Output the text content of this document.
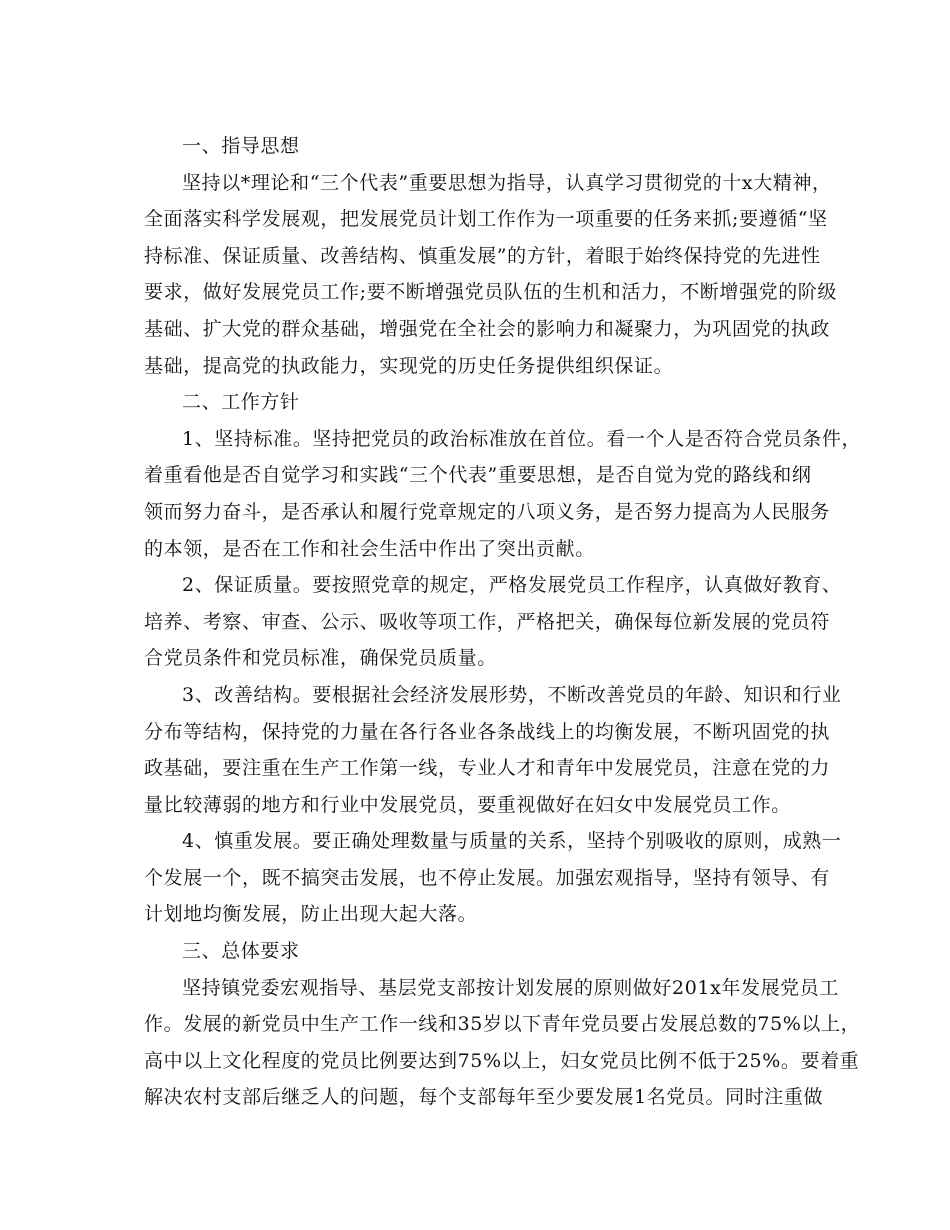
一、指导思想
坚持以*理论和“三个代表”重要思想为指导，认真学习贯彻党的十x大精神，
全面落实科学发展观，把发展党员计划工作作为一项重要的任务来抓;要遵循“坚
持标准、保证质量、改善结构、慎重发展”的方针，着眼于始终保持党的先进性
要求，做好发展党员工作;要不断增强党员队伍的生机和活力，不断增强党的阶级
基础、扩大党的群众基础，增强党在全社会的影响力和凝聚力，为巩固党的执政
基础，提高党的执政能力，实现党的历史任务提供组织保证。
二、工作方针
1、坚持标准。坚持把党员的政治标准放在首位。看一个人是否符合党员条件，
着重看他是否自觉学习和实践“三个代表”重要思想，是否自觉为党的路线和纲
领而努力奋斗，是否承认和履行党章规定的八项义务，是否努力提高为人民服务
的本领，是否在工作和社会生活中作出了突出贡献。
2、保证质量。要按照党章的规定，严格发展党员工作程序，认真做好教育、
培养、考察、审查、公示、吸收等项工作，严格把关，确保每位新发展的党员符
合党员条件和党员标准，确保党员质量。
3、改善结构。要根据社会经济发展形势，不断改善党员的年龄、知识和行业
分布等结构，保持党的力量在各行各业各条战线上的均衡发展，不断巩固党的执
政基础，要注重在生产工作第一线，专业人才和青年中发展党员，注意在党的力
量比较薄弱的地方和行业中发展党员，要重视做好在妇女中发展党员工作。
4、慎重发展。要正确处理数量与质量的关系，坚持个别吸收的原则，成熟一
个发展一个，既不搞突击发展，也不停止发展。加强宏观指导，坚持有领导、有
计划地均衡发展，防止出现大起大落。
三、总体要求
坚持镇党委宏观指导、基层党支部按计划发展的原则做好201x年发展党员工
作。发展的新党员中生产工作一线和35岁以下青年党员要占发展总数的75%以上，
高中以上文化程度的党员比例要达到75%以上，妇女党员比例不低于25%。要着重
解决农村支部后继乏人的问题，每个支部每年至少要发展1名党员。同时注重做
